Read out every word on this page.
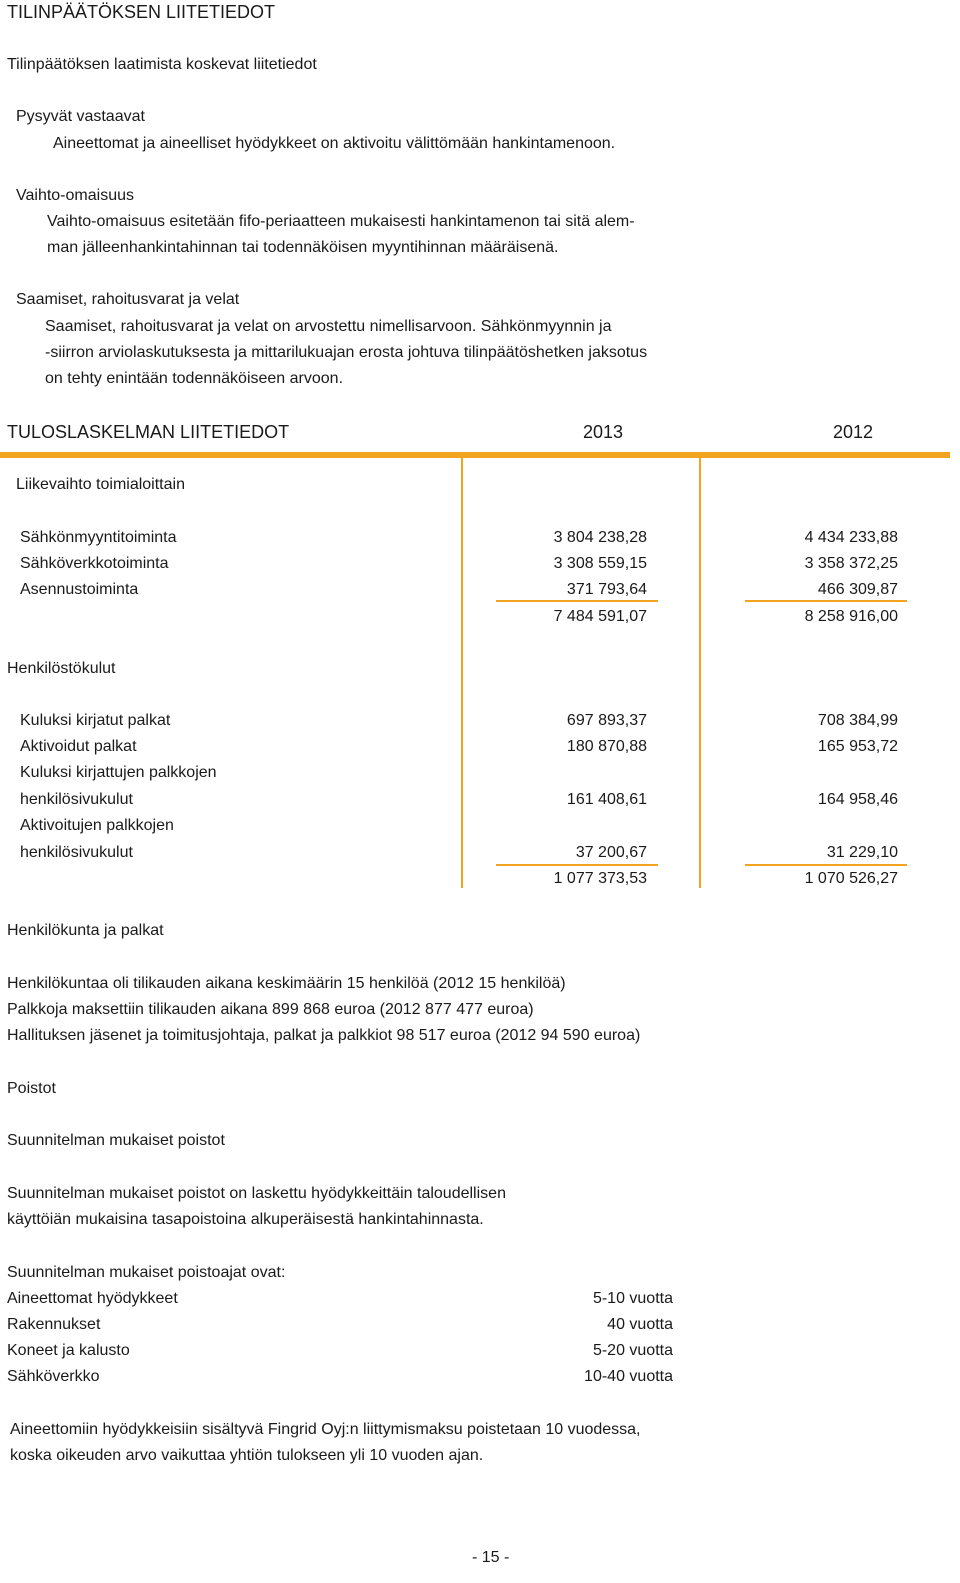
TILINPÄÄTÖKSEN LIITETIEDOT
Tilinpäätöksen laatimista koskevat liitetiedot
Pysyvät vastaavat
Aineettomat ja aineelliset hyödykkeet on aktivoitu välittömään hankintamenoon.
Vaihto-omaisuus
Vaihto-omaisuus esitetään fifo-periaatteen mukaisesti hankintamenon tai sitä alem-
man jälleenhankintahinnan tai todennäköisen myyntihinnan määräisenä.
Saamiset, rahoitusvarat ja velat
Saamiset, rahoitusvarat ja velat on arvostettu nimellisarvoon. Sähkönmyynnin ja
-siirron arviolaskutuksesta ja mittarilukuajan erosta johtuva tilinpäätöshetken jaksotus
on tehty enintään todennäköiseen arvoon.
TULOSLASKELMAN LIITETIEDOT	2013	2012
Liikevaihto toimialoittain
Sähkönmyyntitoiminta	3 804 238,28	4 434 233,88
Sähköverkkotoiminta	3 308 559,15	3 358 372,25
Asennustoiminta	371 793,64	466 309,87
7 484 591,07	8 258 916,00
Henkilöstökulut
Kuluksi kirjatut palkat	697 893,37	708 384,99
Aktivoidut palkat	180 870,88	165 953,72
Kuluksi kirjattujen palkkojen
henkilösivukulut	161 408,61	164 958,46
Aktivoitujen palkkojen
henkilösivukulut	37 200,67	31 229,10
1 077 373,53	1 070 526,27
Henkilökunta ja palkat
Henkilökuntaa oli tilikauden aikana keskimäärin 15 henkilöä (2012 15 henkilöä)
Palkkoja maksettiin tilikauden aikana 899 868 euroa (2012 877 477 euroa)
Hallituksen jäsenet ja toimitusjohtaja, palkat ja palkkiot 98 517 euroa (2012 94 590 euroa)
Poistot
Suunnitelman mukaiset poistot
Suunnitelman mukaiset poistot on laskettu hyödykkeittäin taloudellisen
käyttöiän mukaisina tasapoistoina alkuperäisestä hankintahinnasta.
Suunnitelman mukaiset poistoajat ovat:
Aineettomat hyödykkeet	5-10 vuotta
Rakennukset	40 vuotta
Koneet ja kalusto	5-20 vuotta
Sähköverkko	10-40 vuotta
Aineettomiin hyödykkeisiin sisältyvä Fingrid Oyj:n liittymismaksu poistetaan 10 vuodessa,
koska oikeuden arvo vaikuttaa yhtiön tulokseen yli 10 vuoden ajan.
- 15 -
